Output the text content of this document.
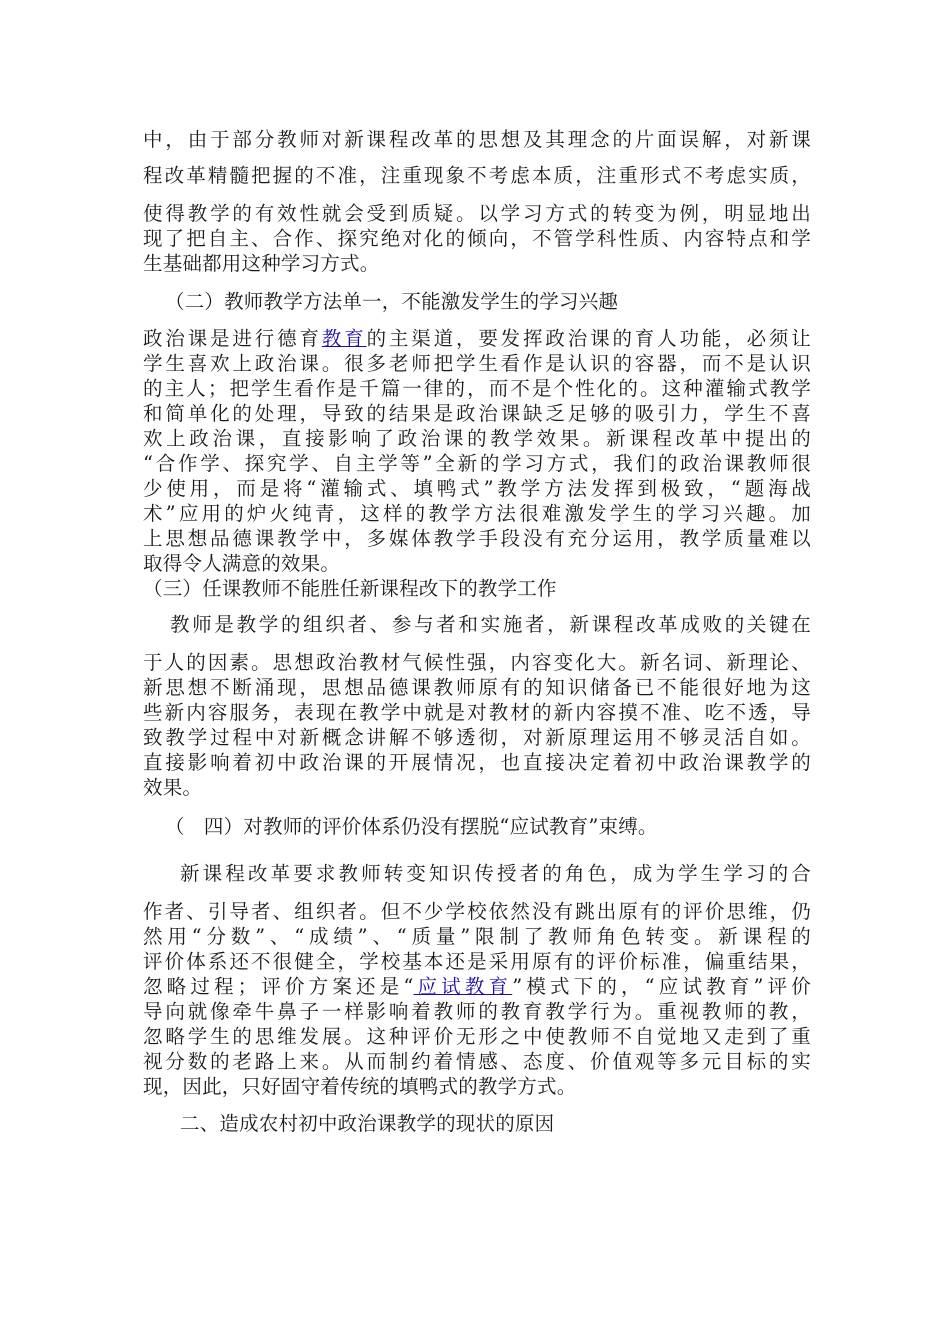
中，由于部分教师对新课程改革的思想及其理念的片面误解，对新课
程改革精髓把握的不准，注重现象不考虑本质，注重形式不考虑实质，
使得教学的有效性就会受到质疑。以学习方式的转变为例，明显地出
现了把自主、合作、探究绝对化的倾向，不管学科性质、内容特点和学
生基础都用这种学习方式。
（二）教师教学方法单一，不能激发学生的学习兴趣
政治课是进行德育教育的主渠道，要发挥政治课的育人功能，必须让
学生喜欢上政治课。很多老师把学生看作是认识的容器，而不是认识
的主人；把学生看作是千篇一律的，而不是个性化的。这种灌输式教学
和简单化的处理，导致的结果是政治课缺乏足够的吸引力，学生不喜
欢上政治课，直接影响了政治课的教学效果。新课程改革中提出的
“合作学、探究学、自主学等”全新的学习方式，我们的政治课教师很
少使用，而是将“灌输式、填鸭式”教学方法发挥到极致，“题海战
术”应用的炉火纯青，这样的教学方法很难激发学生的学习兴趣。加
上思想品德课教学中，多媒体教学手段没有充分运用，教学质量难以
取得令人满意的效果。
（三）任课教师不能胜任新课程改下的教学工作
教师是教学的组织者、参与者和实施者，新课程改革成败的关键在
于人的因素。思想政治教材气候性强，内容变化大。新名词、新理论、
新思想不断涌现，思想品德课教师原有的知识储备已不能很好地为这
些新内容服务，表现在教学中就是对教材的新内容摸不准、吃不透，导
致教学过程中对新概念讲解不够透彻，对新原理运用不够灵活自如。
直接影响着初中政治课的开展情况，也直接决定着初中政治课教学的
效果。
（   四）对教师的评价体系仍没有摆脱“应试教育”束缚。
新课程改革要求教师转变知识传授者的角色，成为学生学习的合
作者、引导者、组织者。但不少学校依然没有跳出原有的评价思维，仍
然用“分数”、“成绩”、“质量”限制了教师角色转变。新课程的
评价体系还不很健全，学校基本还是采用原有的评价标准，偏重结果，
忽略过程；评价方案还是“应试教育”模式下的，“应试教育”评价
导向就像牵牛鼻子一样影响着教师的教育教学行为。重视教师的教，
忽略学生的思维发展。这种评价无形之中使教师不自觉地又走到了重
视分数的老路上来。从而制约着情感、态度、价值观等多元目标的实
现，因此，只好固守着传统的填鸭式的教学方式。
二、造成农村初中政治课教学的现状的原因
